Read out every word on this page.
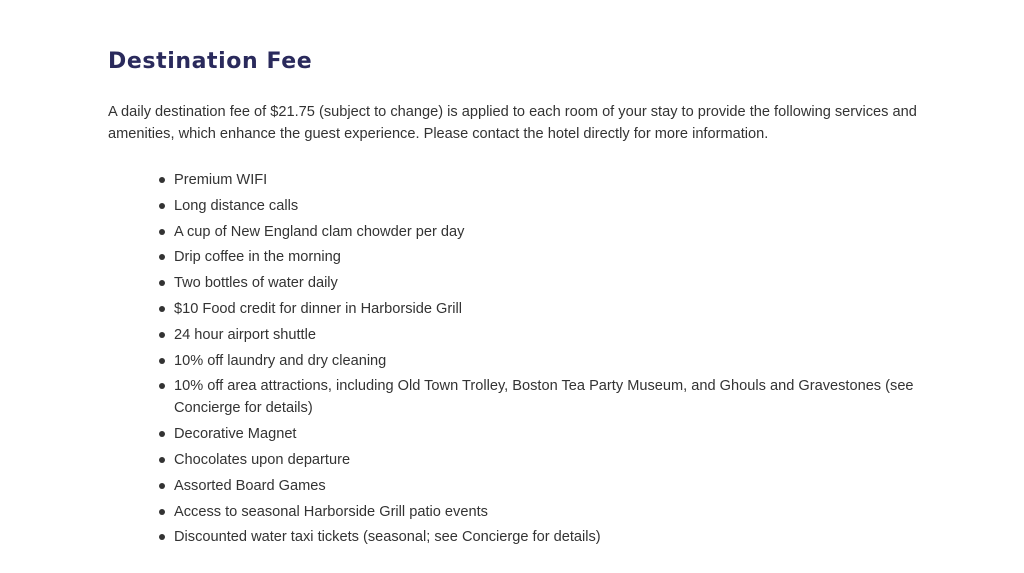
Destination Fee

A daily destination fee of $21.75 (subject to change) is applied to each room of your stay to provide the following services and amenities, which enhance the guest experience. Please contact the hotel directly for more information.

Premium WIFI
Long distance calls
A cup of New England clam chowder per day
Drip coffee in the morning
Two bottles of water daily
$10 Food credit for dinner in Harborside Grill
24 hour airport shuttle
10% off laundry and dry cleaning
10% off area attractions, including Old Town Trolley, Boston Tea Party Museum, and Ghouls and Gravestones (see Concierge for details)
Decorative Magnet
Chocolates upon departure
Assorted Board Games
Access to seasonal Harborside Grill patio events
Discounted water taxi tickets (seasonal; see Concierge for details)
